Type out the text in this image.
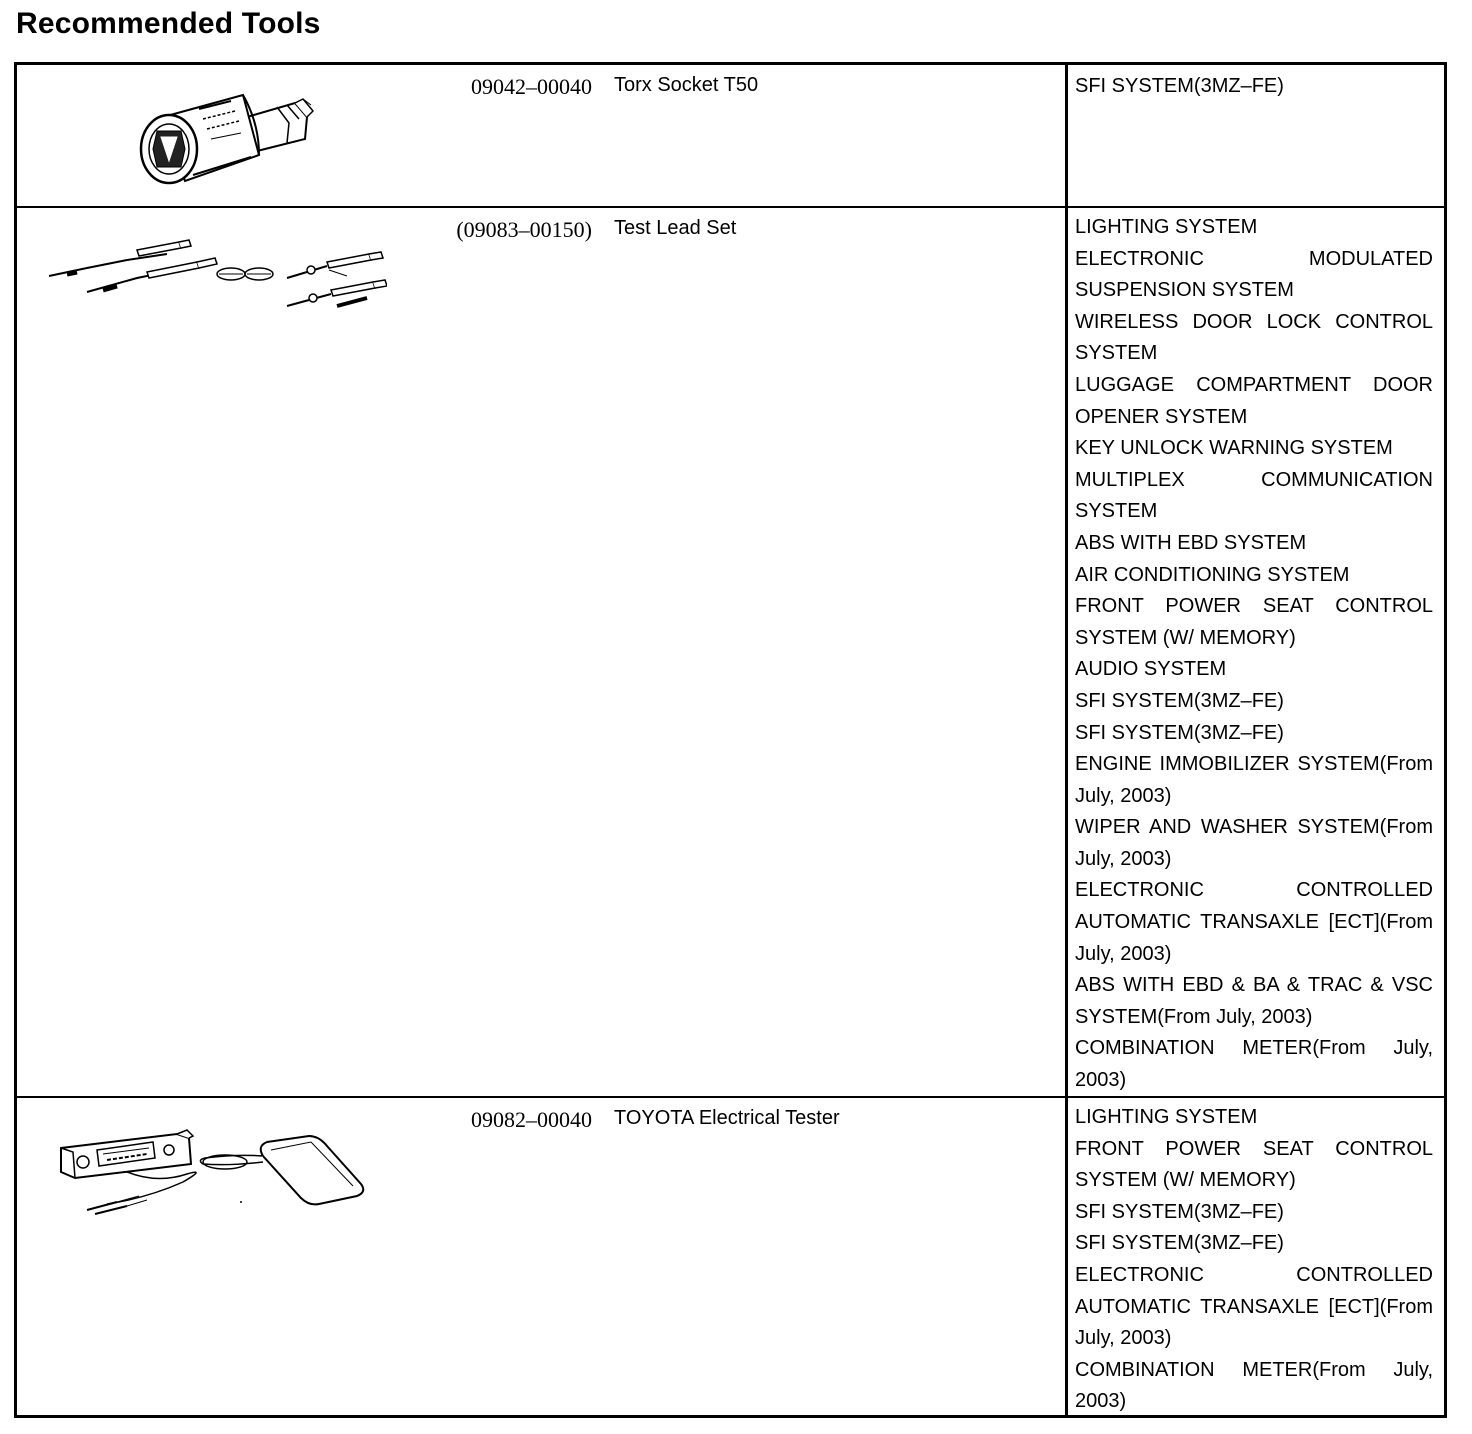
Recommended Tools
09042–00040 Torx Socket T50	SFI SYSTEM(3MZ–FE)
(09083–00150) Test Lead Set	LIGHTING SYSTEM
ELECTRONIC MODULATED SUSPENSION SYSTEM
WIRELESS DOOR LOCK CONTROL SYSTEM
LUGGAGE COMPARTMENT DOOR OPENER SYSTEM
KEY UNLOCK WARNING SYSTEM
MULTIPLEX COMMUNICATION SYSTEM
ABS WITH EBD SYSTEM
AIR CONDITIONING SYSTEM
FRONT POWER SEAT CONTROL SYSTEM (W/ MEMORY)
AUDIO SYSTEM
SFI SYSTEM(3MZ–FE)
SFI SYSTEM(3MZ–FE)
ENGINE IMMOBILIZER SYSTEM(From July, 2003)
WIPER AND WASHER SYSTEM(From July, 2003)
ELECTRONIC CONTROLLED AUTOMATIC TRANSAXLE [ECT](From July, 2003)
ABS WITH EBD & BA & TRAC & VSC SYSTEM(From July, 2003)
COMBINATION METER(From July, 2003)
09082–00040 TOYOTA Electrical Tester	LIGHTING SYSTEM
FRONT POWER SEAT CONTROL SYSTEM (W/ MEMORY)
SFI SYSTEM(3MZ–FE)
SFI SYSTEM(3MZ–FE)
ELECTRONIC CONTROLLED AUTOMATIC TRANSAXLE [ECT](From July, 2003)
COMBINATION METER(From July, 2003)
